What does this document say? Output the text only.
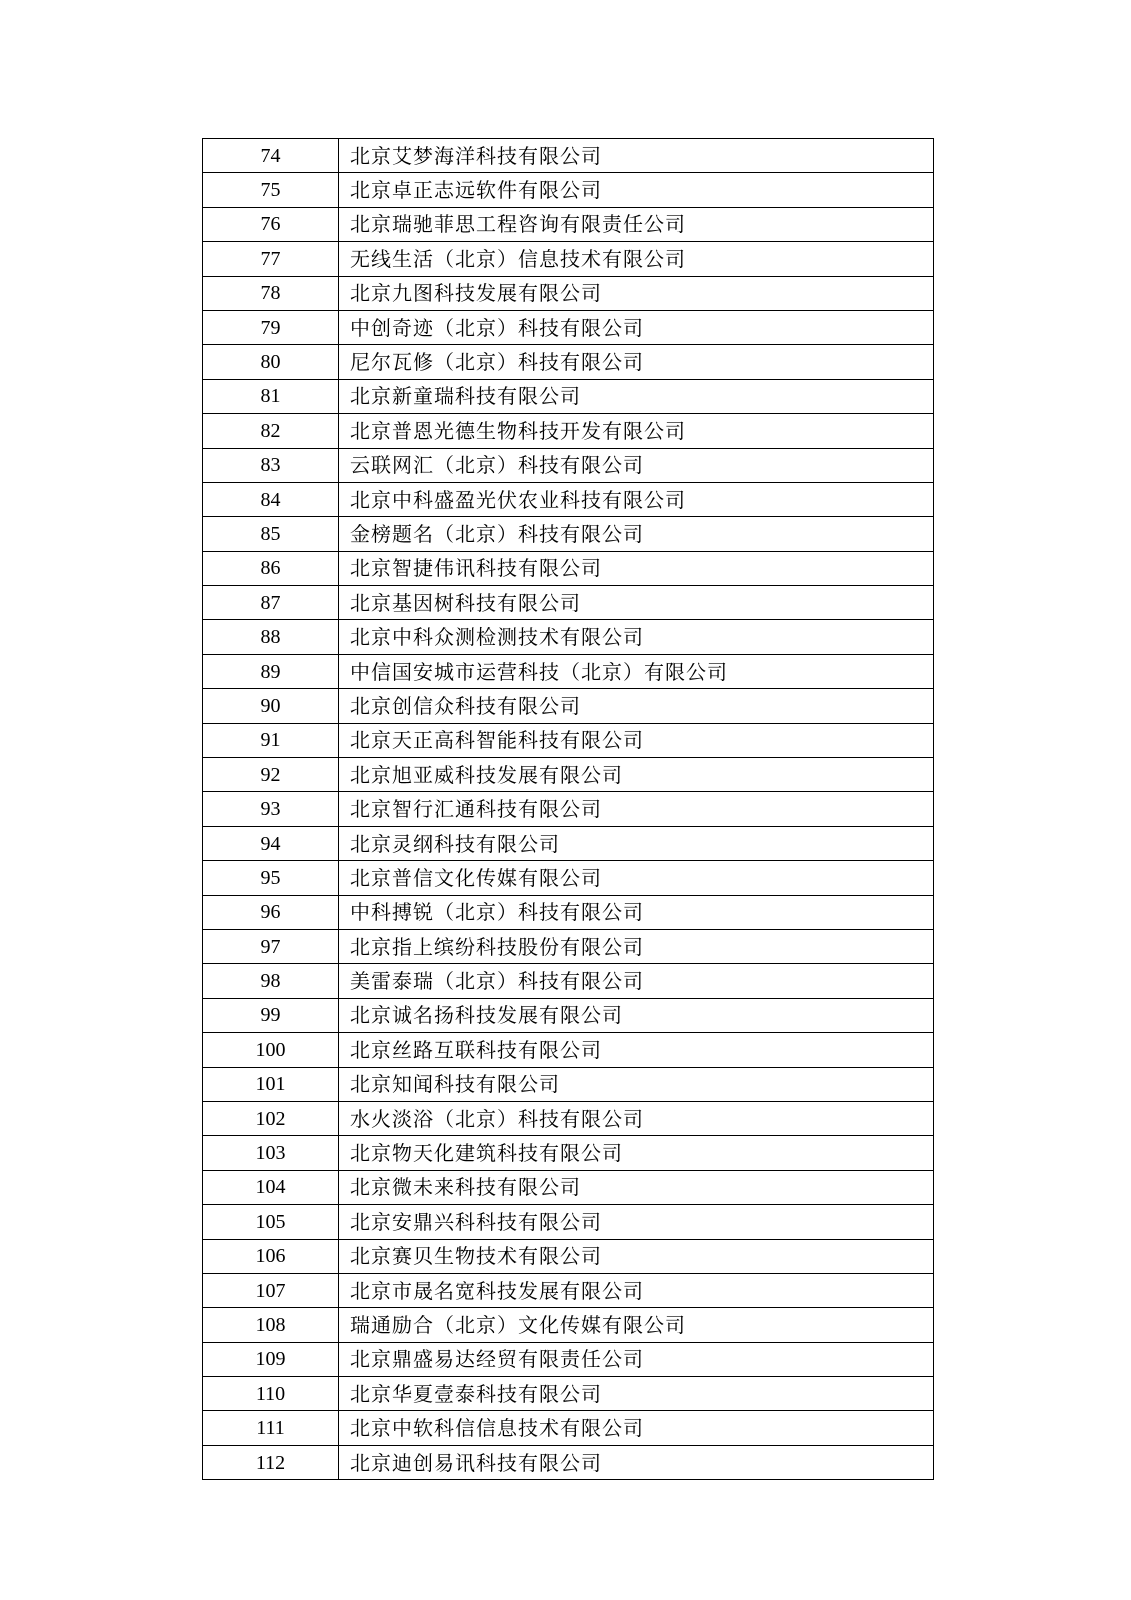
74	北京艾梦海洋科技有限公司
75	北京卓正志远软件有限公司
76	北京瑞驰菲思工程咨询有限责任公司
77	无线生活（北京）信息技术有限公司
78	北京九图科技发展有限公司
79	中创奇迹（北京）科技有限公司
80	尼尔瓦修（北京）科技有限公司
81	北京新童瑞科技有限公司
82	北京普恩光德生物科技开发有限公司
83	云联网汇（北京）科技有限公司
84	北京中科盛盈光伏农业科技有限公司
85	金榜题名（北京）科技有限公司
86	北京智捷伟讯科技有限公司
87	北京基因树科技有限公司
88	北京中科众测检测技术有限公司
89	中信国安城市运营科技（北京）有限公司
90	北京创信众科技有限公司
91	北京天正高科智能科技有限公司
92	北京旭亚威科技发展有限公司
93	北京智行汇通科技有限公司
94	北京灵纲科技有限公司
95	北京普信文化传媒有限公司
96	中科搏锐（北京）科技有限公司
97	北京指上缤纷科技股份有限公司
98	美雷泰瑞（北京）科技有限公司
99	北京诚名扬科技发展有限公司
100	北京丝路互联科技有限公司
101	北京知闻科技有限公司
102	水火淡浴（北京）科技有限公司
103	北京物天化建筑科技有限公司
104	北京微未来科技有限公司
105	北京安鼎兴科科技有限公司
106	北京赛贝生物技术有限公司
107	北京市晟名宽科技发展有限公司
108	瑞通励合（北京）文化传媒有限公司
109	北京鼎盛易达经贸有限责任公司
110	北京华夏壹泰科技有限公司
111	北京中软科信信息技术有限公司
112	北京迪创易讯科技有限公司
